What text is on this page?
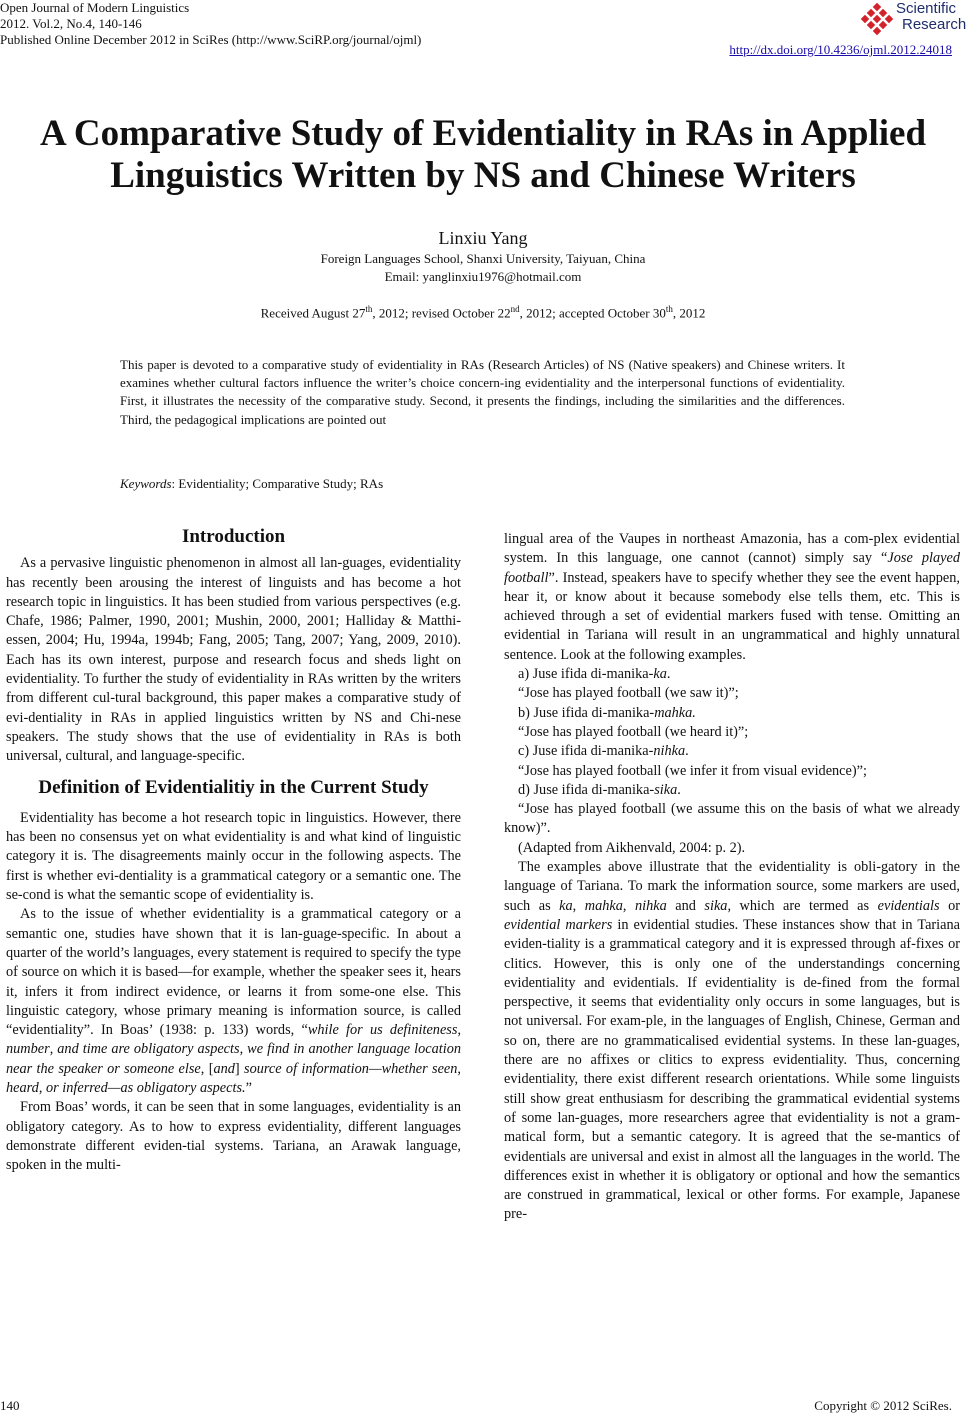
Open Journal of Modern Linguistics
2012. Vol.2, No.4, 140-146
Published Online December 2012 in SciRes (http://www.SciRP.org/journal/ojml)
Scientific
Research
http://dx.doi.org/10.4236/ojml.2012.24018
A Comparative Study of Evidentiality in RAs in Applied Linguistics Written by NS and Chinese Writers
Linxiu Yang
Foreign Languages School, Shanxi University, Taiyuan, China
Email: yanglinxiu1976@hotmail.com
Received August 27th, 2012; revised October 22nd, 2012; accepted October 30th, 2012
This paper is devoted to a comparative study of evidentiality in RAs (Research Articles) of NS (Native speakers) and Chinese writers. It examines whether cultural factors influence the writer’s choice concern-ing evidentiality and the interpersonal functions of evidentiality. First, it illustrates the necessity of the comparative study. Second, it presents the findings, including the similarities and the differences. Third, the pedagogical implications are pointed out
Keywords: Evidentiality; Comparative Study; RAs
Introduction

As a pervasive linguistic phenomenon in almost all lan-guages, evidentiality has recently been arousing the interest of linguists and has become a hot research topic in linguistics. It has been studied from various perspectives (e.g. Chafe, 1986; Palmer, 1990, 2001; Mushin, 2000, 2001; Halliday & Matthi-essen, 2004; Hu, 1994a, 1994b; Fang, 2005; Tang, 2007; Yang, 2009, 2010). Each has its own interest, purpose and research focus and sheds light on evidentiality. To further the study of evidentiality in RAs written by the writers from different cul-tural background, this paper makes a comparative study of evi-dentiality in RAs in applied linguistics written by NS and Chi-nese speakers. The study shows that the use of evidentiality in RAs is both universal, cultural, and language-specific.

Definition of Evidentialitiy in the Current Study

Evidentiality has become a hot research topic in linguistics. However, there has been no consensus yet on what evidentiality is and what kind of linguistic category it is. The disagreements mainly occur in the following aspects. The first is whether evi-dentiality is a grammatical category or a semantic one. The se-cond is what the semantic scope of evidentiality is.

As to the issue of whether evidentiality is a grammatical category or a semantic one, studies have shown that it is lan-guage-specific. In about a quarter of the world’s languages, every statement is required to specify the type of source on which it is based—for example, whether the speaker sees it, hears it, infers it from indirect evidence, or learns it from some-one else. This linguistic category, whose primary meaning is information source, is called “evidentiality”. In Boas’ (1938: p. 133) words, “while for us definiteness, number, and time are obligatory aspects, we find in another language location near the speaker or someone else, [and] source of information—whether seen, heard, or inferred—as obligatory aspects.”

From Boas’ words, it can be seen that in some languages, evidentiality is an obligatory category. As to how to express evidentiality, different languages demonstrate different eviden-tial systems. Tariana, an Arawak language, spoken in the multi-

lingual area of the Vaupes in northeast Amazonia, has a com-plex evidential system. In this language, one cannot (cannot) simply say “Jose played football”. Instead, speakers have to specify whether they see the event happen, hear it, or know about it because somebody else tells them, etc. This is achieved through a set of evidential markers fused with tense. Omitting an evidential in Tariana will result in an ungrammatical and highly unnatural sentence. Look at the following examples.

a) Juse ifida di-manika-ka.

“Jose has played football (we saw it)”;

b) Juse ifida di-manika-mahka.

“Jose has played football (we heard it)”;

c) Juse ifida di-manika-nihka.

“Jose has played football (we infer it from visual evidence)”;

d) Juse ifida di-manika-sika.

“Jose has played football (we assume this on the basis of what we already know)”.

(Adapted from Aikhenvald, 2004: p. 2).

The examples above illustrate that the evidentiality is obli-gatory in the language of Tariana. To mark the information source, some markers are used, such as ka, mahka, nihka and sika, which are termed as evidentials or evidential markers in evidential studies. These instances show that in Tariana eviden-tiality is a grammatical category and it is expressed through af-fixes or clitics. However, this is only one of the understandings concerning evidentiality and evidentials. If evidentiality is de-fined from the formal perspective, it seems that evidentiality only occurs in some languages, but is not universal. For exam-ple, in the languages of English, Chinese, German and so on, there are no grammaticalised evidential systems. In these lan-guages, there are no affixes or clitics to express evidentiality. Thus, concerning evidentiality, there exist different research orientations. While some linguists still show great enthusiasm for describing the grammatical evidential systems of some lan-guages, more researchers agree that evidentiality is not a gram-matical form, but a semantic category. It is agreed that the se-mantics of evidentials are universal and exist in almost all the languages in the world. The differences exist in whether it is obligatory or optional and how the semantics are construed in grammatical, lexical or other forms. For example, Japanese pre-

140	Copyright © 2012 SciRes.
